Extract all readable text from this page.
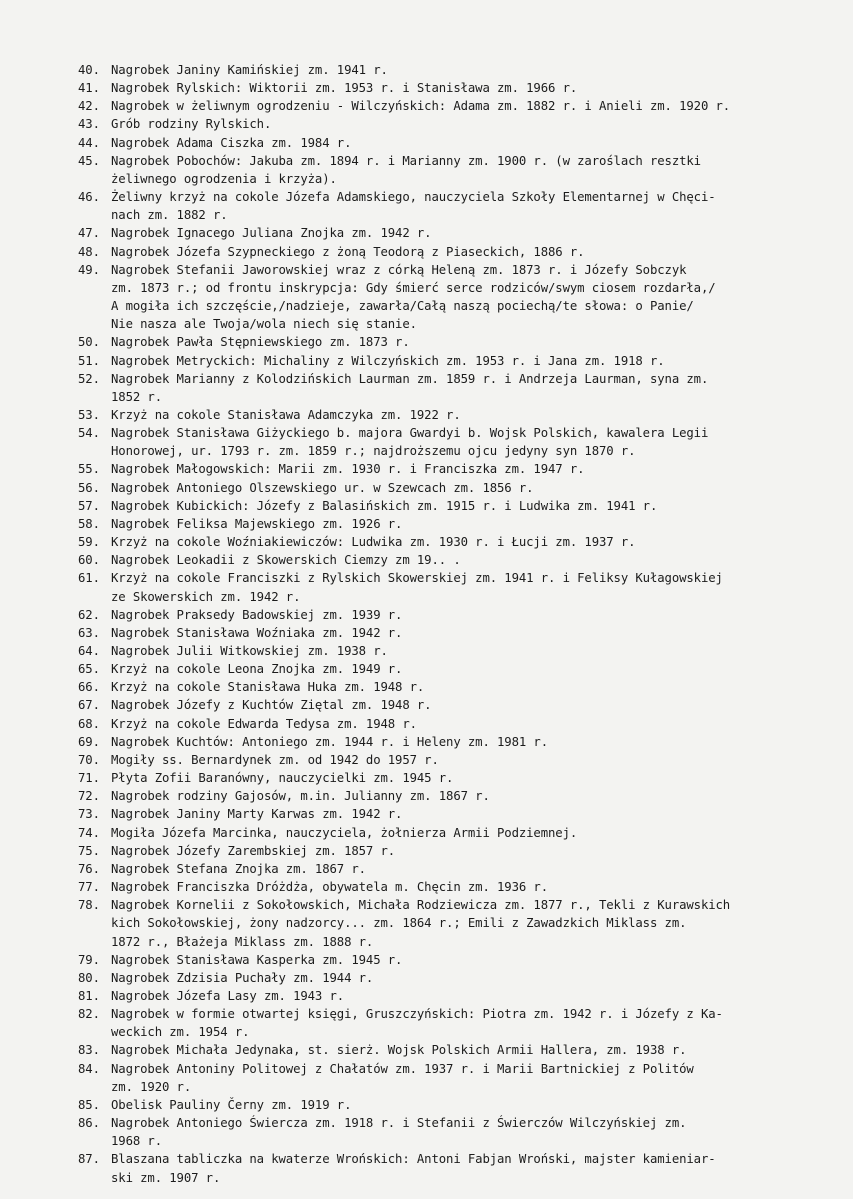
40. Nagrobek Janiny Kamińskiej zm. 1941 r.
41. Nagrobek Rylskich: Wiktorii zm. 1953 r. i Stanisława zm. 1966 r.
42. Nagrobek w żeliwnym ogrodzeniu - Wilczyńskich: Adama zm. 1882 r. i Anieli zm. 1920 r.
43. Grób rodziny Rylskich.
44. Nagrobek Adama Ciszka zm. 1984 r.
45. Nagrobek Pobochów: Jakuba zm. 1894 r. i Marianny zm. 1900 r. (w zaroślach resztki
żeliwnego ogrodzenia i krzyża).
46. Żeliwny krzyż na cokole Józefa Adamskiego, nauczyciela Szkoły Elementarnej w Chęci-
nach zm. 1882 r.
47. Nagrobek Ignacego Juliana Znojka zm. 1942 r.
48. Nagrobek Józefa Szypneckiego z żoną Teodorą z Piaseckich, 1886 r.
49. Nagrobek Stefanii Jaworowskiej wraz z córką Heleną zm. 1873 r. i Józefy Sobczyk
zm. 1873 r.; od frontu inskrypcja: Gdy śmierć serce rodziców/swym ciosem rozdarła,/
A mogiła ich szczęście,/nadzieje, zawarła/Całą naszą pociechą/te słowa: o Panie/
Nie nasza ale Twoja/wola niech się stanie.
50. Nagrobek Pawła Stępniewskiego zm. 1873 r.
51. Nagrobek Metryckich: Michaliny z Wilczyńskich zm. 1953 r. i Jana zm. 1918 r.
52. Nagrobek Marianny z Kolodzińskich Laurman zm. 1859 r. i Andrzeja Laurman, syna zm.
1852 r.
53. Krzyż na cokole Stanisława Adamczyka zm. 1922 r.
54. Nagrobek Stanisława Giżyckiego b. majora Gwardyi b. Wojsk Polskich, kawalera Legii
Honorowej, ur. 1793 r. zm. 1859 r.; najdroższemu ojcu jedyny syn 1870 r.
55. Nagrobek Małogowskich: Marii zm. 1930 r. i Franciszka zm. 1947 r.
56. Nagrobek Antoniego Olszewskiego ur. w Szewcach zm. 1856 r.
57. Nagrobek Kubickich: Józefy z Balasińskich zm. 1915 r. i Ludwika zm. 1941 r.
58. Nagrobek Feliksa Majewskiego zm. 1926 r.
59. Krzyż na cokole Woźniakiewiczów: Ludwika zm. 1930 r. i Łucji zm. 1937 r.
60. Nagrobek Leokadii z Skowerskich Ciemzy zm 19.. .
61. Krzyż na cokole Franciszki z Rylskich Skowerskiej zm. 1941 r. i Feliksy Kułagowskiej
ze Skowerskich zm. 1942 r.
62. Nagrobek Praksedy Badowskiej zm. 1939 r.
63. Nagrobek Stanisława Woźniaka zm. 1942 r.
64. Nagrobek Julii Witkowskiej zm. 1938 r.
65. Krzyż na cokole Leona Znojka zm. 1949 r.
66. Krzyż na cokole Stanisława Huka zm. 1948 r.
67. Nagrobek Józefy z Kuchtów Ziętal zm. 1948 r.
68. Krzyż na cokole Edwarda Tedysa zm. 1948 r.
69. Nagrobek Kuchtów: Antoniego zm. 1944 r. i Heleny zm. 1981 r.
70. Mogiły ss. Bernardynek zm. od 1942 do 1957 r.
71. Płyta Zofii Baranówny, nauczycielki zm. 1945 r.
72. Nagrobek rodziny Gajosów, m.in. Julianny zm. 1867 r.
73. Nagrobek Janiny Marty Karwas zm. 1942 r.
74. Mogiła Józefa Marcinka, nauczyciela, żołnierza Armii Podziemnej.
75. Nagrobek Józefy Zarembskiej zm. 1857 r.
76. Nagrobek Stefana Znojka zm. 1867 r.
77. Nagrobek Franciszka Dróżdża, obywatela m. Chęcin zm. 1936 r.
78. Nagrobek Kornelii z Sokołowskich, Michała Rodziewicza zm. 1877 r., Tekli z Kurawskich
kich Sokołowskiej, żony nadzorcy... zm. 1864 r.; Emili z Zawadzkich Miklass zm.
1872 r., Błażeja Miklass zm. 1888 r.
79. Nagrobek Stanisława Kasperka zm. 1945 r.
80. Nagrobek Zdzisia Puchały zm. 1944 r.
81. Nagrobek Józefa Lasy zm. 1943 r.
82. Nagrobek w formie otwartej księgi, Gruszczyńskich: Piotra zm. 1942 r. i Józefy z Ka-
weckich zm. 1954 r.
83. Nagrobek Michała Jedynaka, st. sierż. Wojsk Polskich Armii Hallera, zm. 1938 r.
84. Nagrobek Antoniny Politowej z Chałatów zm. 1937 r. i Marii Bartnickiej z Politów
zm. 1920 r.
85. Obelisk Pauliny Černy zm. 1919 r.
86. Nagrobek Antoniego Świercza zm. 1918 r. i Stefanii z Świerczów Wilczyńskiej zm.
1968 r.
87. Blaszana tabliczka na kwaterze Wrońskich: Antoni Fabjan Wroński, majster kamieniar-
ski zm. 1907 r.
